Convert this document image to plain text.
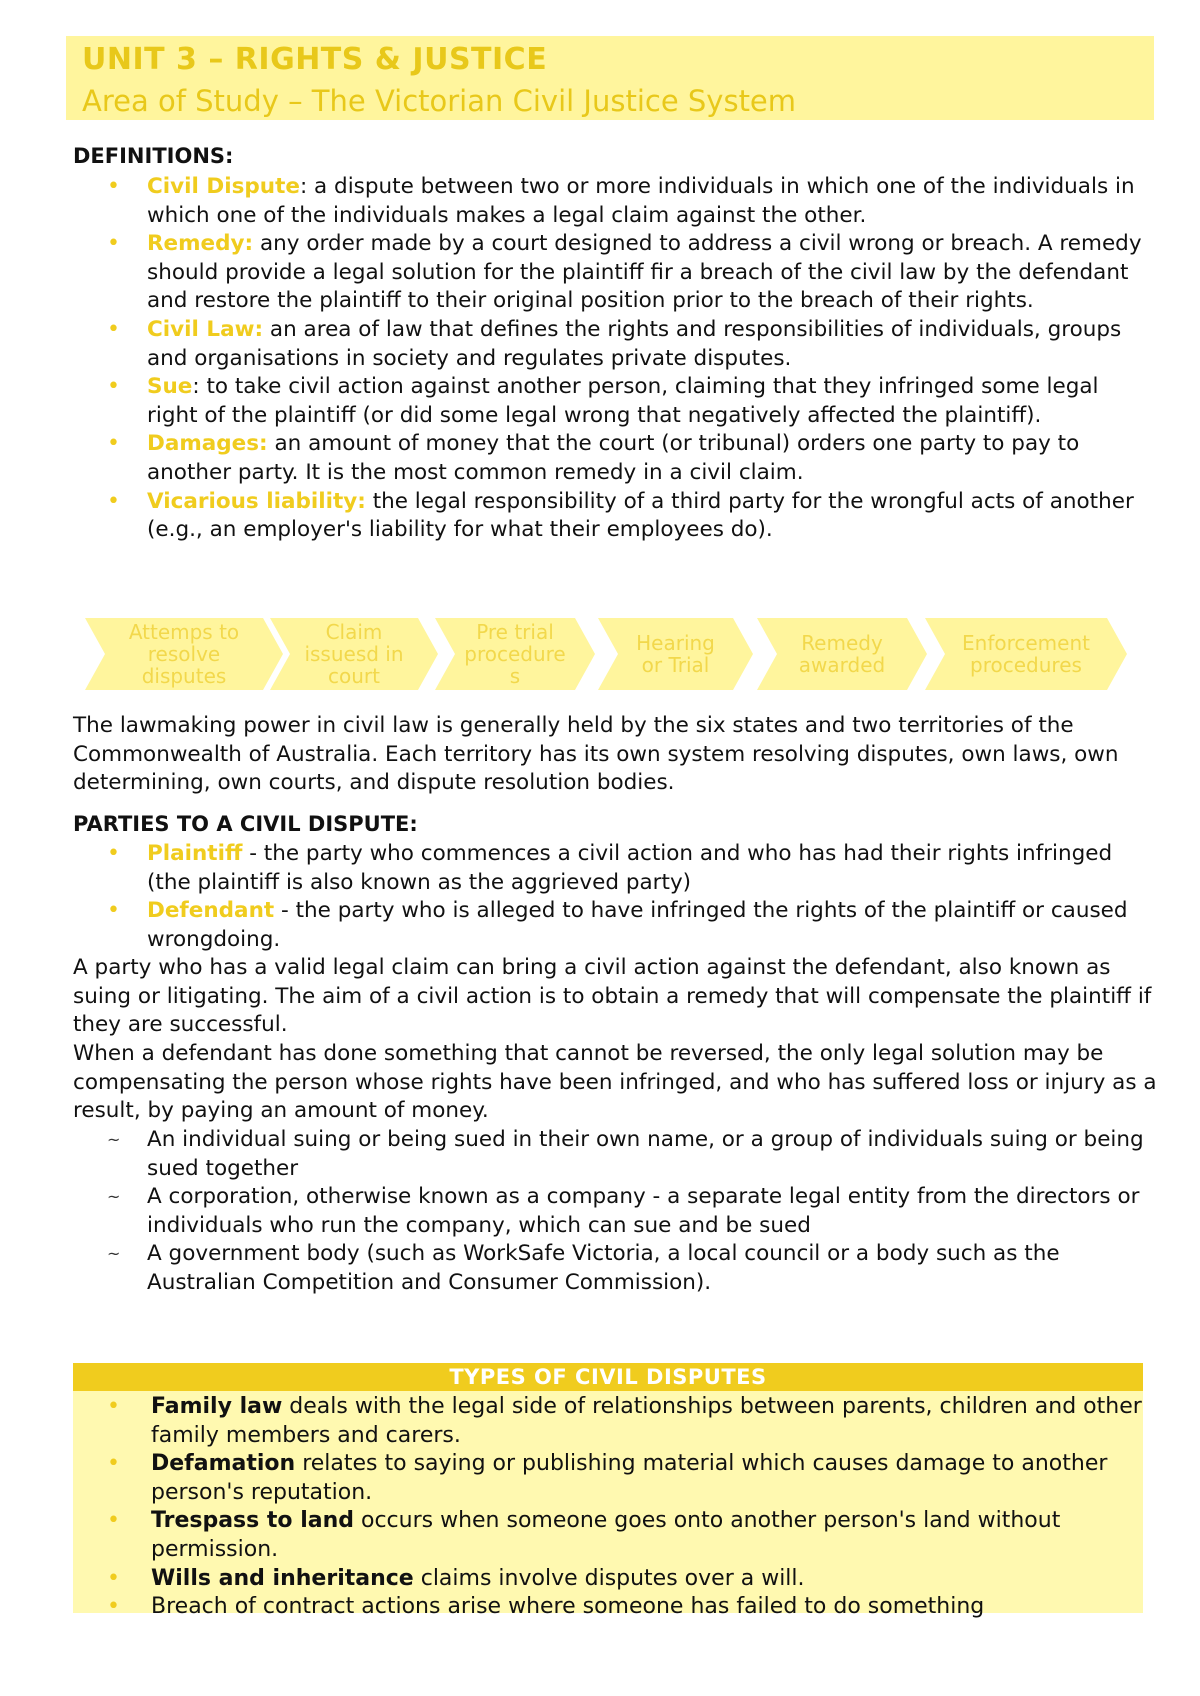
UNIT 3 – RIGHTS & JUSTICE
Area of Study – The Victorian Civil Justice System
DEFINITIONS:
• Civil Dispute: a dispute between two or more individuals in which one of the individuals in which one of the individuals makes a legal claim against the other.
• Remedy: any order made by a court designed to address a civil wrong or breach. A remedy should provide a legal solution for the plaintiff fir a breach of the civil law by the defendant and restore the plaintiff to their original position prior to the breach of their rights.
• Civil Law: an area of law that defines the rights and responsibilities of individuals, groups and organisations in society and regulates private disputes.
• Sue: to take civil action against another person, claiming that they infringed some legal right of the plaintiff (or did some legal wrong that negatively affected the plaintiff).
• Damages: an amount of money that the court (or tribunal) orders one party to pay to another party. It is the most common remedy in a civil claim.
• Vicarious liability: the legal responsibility of a third party for the wrongful acts of another (e.g., an employer's liability for what their employees do).
Attemps to
resolve
disputes
Claim
issuesd in
court
Pre trial
procedure
s
Hearing
or Trial
Remedy
awarded
Enforcement
procedures

The lawmaking power in civil law is generally held by the six states and two territories of the Commonwealth of Australia. Each territory has its own system resolving disputes, own laws, own determining, own courts, and dispute resolution bodies.

PARTIES TO A CIVIL DISPUTE:
• Plaintiff - the party who commences a civil action and who has had their rights infringed (the plaintiff is also known as the aggrieved party)
• Defendant - the party who is alleged to have infringed the rights of the plaintiff or caused wrongdoing.

A party who has a valid legal claim can bring a civil action against the defendant, also known as suing or litigating. The aim of a civil action is to obtain a remedy that will compensate the plaintiff if they are successful.

When a defendant has done something that cannot be reversed, the only legal solution may be compensating the person whose rights have been infringed, and who has suffered loss or injury as a result, by paying an amount of money.

~ An individual suing or being sued in their own name, or a group of individuals suing or being sued together
~ A corporation, otherwise known as a company - a separate legal entity from the directors or individuals who run the company, which can sue and be sued
~ A government body (such as WorkSafe Victoria, a local council or a body such as the Australian Competition and Consumer Commission).
TYPES OF CIVIL DISPUTES
• Family law deals with the legal side of relationships between parents, children and other family members and carers.
• Defamation relates to saying or publishing material which causes damage to another person's reputation.
• Trespass to land occurs when someone goes onto another person's land without permission.
• Wills and inheritance claims involve disputes over a will.
• Breach of contract actions arise where someone has failed to do something
